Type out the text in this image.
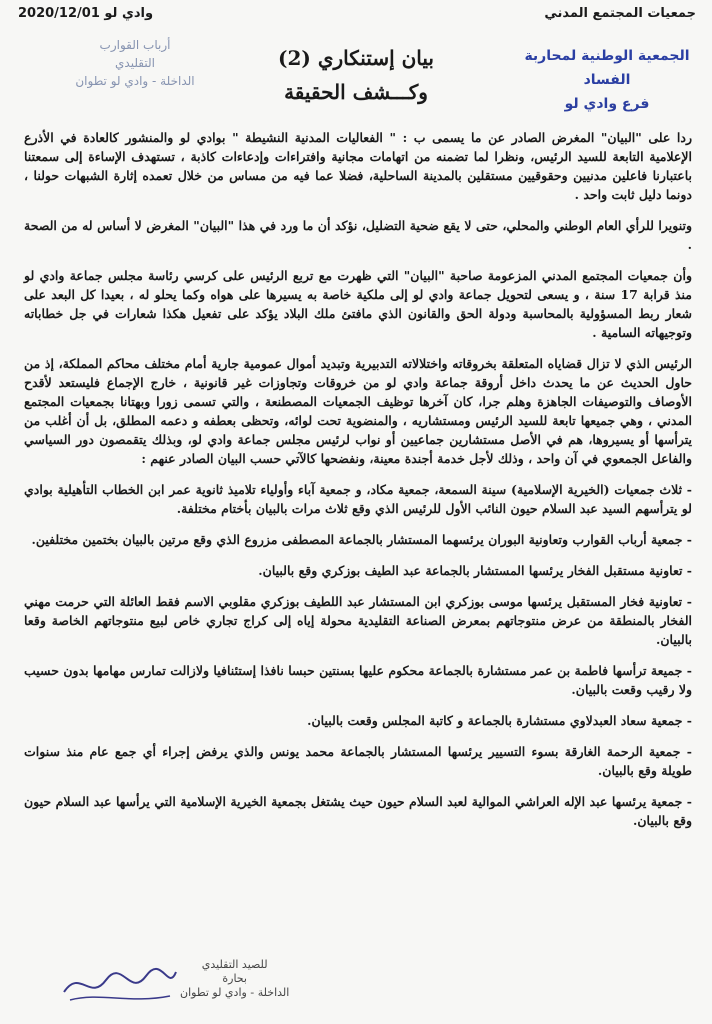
جمعيات المجتمع المدني
وادي لو 2020/12/01
أرباب القوارب
التقليدي
الداخلة - وادي لو تطوان
الجمعية الوطنية لمحاربة الفساد
فرع وادي لو
بيان إستنكاري (2)
وكـــشف الحقيقة

ردا على "البيان" المغرض الصادر عن ما يسمى ب : " الفعاليات المدنية النشيطة " بوادي لو والمنشور كالعادة في الأذرع الإعلامية التابعة للسيد الرئيس، ونظرا لما تضمنه من اتهامات مجانية وافتراءات وإدعاءات كاذبة ، تستهدف الإساءة إلى سمعتنا باعتبارنا فاعلين مدنيين وحقوقيين مستقلين بالمدينة الساحلية، فضلا عما فيه من مساس من خلال تعمده إثارة الشبهات حولنا ، دونما دليل ثابت واحد .

وتنويرا للرأي العام الوطني والمحلي، حتى لا يقع ضحية التضليل، نؤكد أن ما ورد في هذا "البيان" المغرض لا أساس له من الصحة .

وأن جمعيات المجتمع المدني المزعومة صاحبة "البيان" التي ظهرت مع تربع الرئيس على كرسي رئاسة مجلس جماعة وادي لو منذ قرابة 17 سنة ، و يسعى لتحويل جماعة وادي لو إلى ملكية خاصة به يسيرها على هواه وكما يحلو له ، بعيدا كل البعد على شعار ربط المسؤولية بالمحاسبة ودولة الحق والقانون الذي مافتئ ملك البلاد يؤكد على تفعيل هكذا شعارات في جل خطاباته وتوجيهاته السامية .

الرئيس الذي لا تزال قضاياه المتعلقة بخروقاته واختلالاته التدبيرية وتبديد أموال عمومية جارية أمام مختلف محاكم المملكة، إذ من حاول الحديث عن ما يحدث داخل أروقة جماعة وادي لو من خروقات وتجاوزات غير قانونية ، خارج الإجماع فليستعد لأقدح الأوصاف والتوصيفات الجاهزة وهلم جرا، كان آخرها توظيف الجمعيات المصطنعة ، والتي تسمى زورا وبهتانا بجمعيات المجتمع المدني ، وهي جميعها تابعة للسيد الرئيس ومستشاريه ، والمنضوية تحت لوائه، وتحظى بعطفه و دعمه المطلق، بل أن أغلب من يترأسها أو يسيروها، هم في الأصل مستشارين جماعيين أو نواب لرئيس مجلس جماعة وادي لو، وبذلك يتقمصون دور السياسي والفاعل الجمعوي في آن واحد ، وذلك لأجل خدمة أجندة معينة، ونفضحها كالآتي حسب البيان الصادر عنهم :

- ثلاث جمعيات (الخيرية الإسلامية) سينة السمعة، جمعية مكاد، و جمعية آباء وأولياء تلاميذ ثانوية عمر ابن الخطاب التأهيلية بوادي لو يترأسهم السيد عبد السلام حيون النائب الأول للرئيس الذي وقع ثلاث مرات بالبيان بأختام مختلفة.
- جمعية أرباب القوارب وتعاونية البوران يرئسهما المستشار بالجماعة المصطفى مزروع الذي وقع مرتين بالبيان بختمين مختلفين.
- تعاونية مستقبل الفخار يرئسها المستشار بالجماعة عبد الطيف بوزكري وقع بالبيان.
- تعاونية فخار المستقبل يرئسها موسى بوزكري ابن المستشار عبد اللطيف بوزكري مقلوبي الاسم فقط العائلة التي حرمت مهني الفخار بالمنطقة من عرض منتوجاتهم بمعرض الصناعة التقليدية محولة إياه إلى كراج تجاري خاص لبيع منتوجاتهم الخاصة وقعا بالبيان.
- جميعة ترأسها فاطمة بن عمر مستشارة بالجماعة محكوم عليها بسنتين حبسا نافذا إستئنافيا ولازالت تمارس مهامها بدون حسيب ولا رقيب وقعت بالبيان.
- جمعية سعاد العبدلاوي مستشارة بالجماعة و كاتبة المجلس وقعت بالبيان.
- جمعية الرحمة الغارقة بسوء التسيير يرئسها المستشار بالجماعة محمد يونس والذي يرفض إجراء أي جمع عام منذ سنوات طويلة وقع بالبيان.
- جمعية يرئسها عبد الإله العراشي الموالية لعبد السلام حيون حيث يشتغل بجمعية الخيرية الإسلامية التي يرأسها عبد السلام حيون وقع بالبيان.
للصيد التقليدي
بحارة
الداخلة - وادي لو تطوان
